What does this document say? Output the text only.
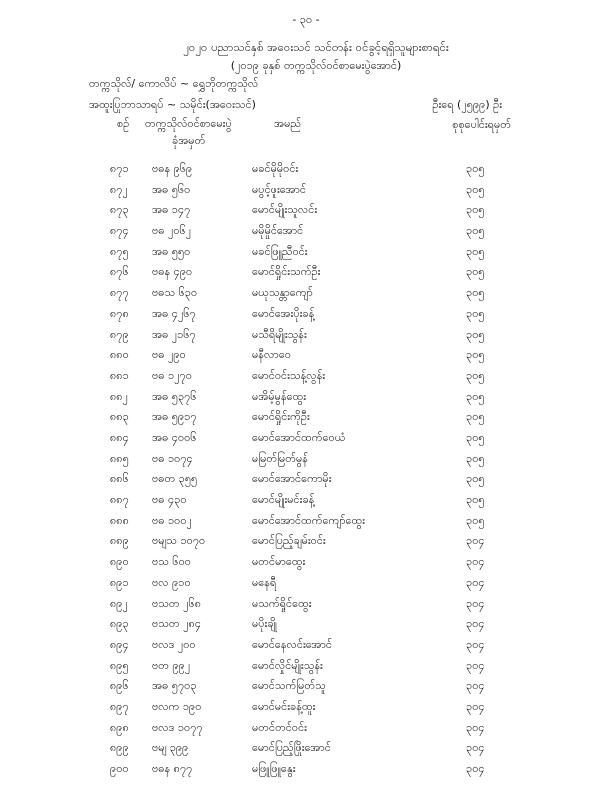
- ၃၀ -
၂၀၂၀ ပညာသင်နှစ် အဝေးသင် သင်တန်း ဝင်ခွင့်ရရှိသူများစာရင်း
(၂၀၁၉ ခုနှစ် တက္ကသိုလ်ဝင်စာမေးပွဲအောင်)
တက္ကသိုလ်/ ကောလိပ် ~ ရွှေဘိုတက္ကသိုလ်
အထူးပြုဘာသာရပ် ~ သမိုင်း(အဝေးသင်)	ဦးရေ (၂၅၉၉) ဦး
စဉ် တက္ကသိုလ်ဝင်စာမေးပွဲ
ခုံအမှတ်
အမည်	စုစုပေါင်းရမှတ်
၈၇၁ ဗဓန ၉၆၉	မခင်မိုမိုဝင်း	၃၀၅
၈၇၂ အဓ ၅၆၀	မပွင့်ဖူးအောင်	၃၀၅
၈၇၃ အဓ ၁၄၇	မောင်မျိုးသူလင်း	၃၀၅
၈၇၄ ဗဓ ၂၀၆၂	မမိုမှိုင်အောင်	၃၀၅
၈၇၅ အဓ ၅၅၀	မခင်ဖြူညီဝင်း	၃၀၅
၈၇၆ ဗဓန ၄၉၀	မောင်ရှိုင်းသက်ဦး	၃၀၅
၈၇၇ ဗဓသ ၆၃၀	မယုသန္တာကျော်	၃၀၅
၈၇၈ အဓ ၄၂၆၇	မောင်အေးပိုးခန့်	၃၀၅
၈၇၉ အဓ ၂၁၆၇	မသီရိမျိုးသွန်း	၃၀၅
၈၈၀ ဗဓ ၂၉၀	မနီလာဝေ	၃၀၅
၈၈၁ ဗဓ ၁၂၇၀	မောင်ဝင်းသန့်လွန်း	၃၀၅
၈၈၂ အဓ ၅၃၇၆	မအိမ့်မွန်ထွေး	၃၀၅
၈၈၃ အဓ ၅၉၁၇	မောင်ရှိုင်းကိုဦး	၃၀၅
၈၈၄ အဓ ၄၀၀၆	မောင်အောင်ထက်ဝေယံ	၃၀၅
၈၈၅ ဗဓ ၁၀၇၄	မမြတ်မြတ်မွန်	၃၀၅
၈၈၆ ဗဓတ ၃၅၅	မောင်အောင်ကောမိုး	၃၀၅
၈၈၇ ဗဓ ၄၃၀	မောင်မျိုးမင်းခန့်	၃၀၅
၈၈၈ ဗဓ ၁၀၀၂	မောင်အောင်ထက်ကျော်ထွေး	၃၀၅
၈၈၉ ဗမျသ ၁၀၇၀	မောင်ပြည့်ချမ်းဝင်း	၃၀၄
၈၉၀ ဗသ ၆၀၀	မတင်မာထွေး	၃၀၄
၈၉၁ ဗလ ၉၁၀	မနေရီ	၃၀၄
၈၉၂ ဗသတ ၂၆၈	မသက်ရှိုင်ထွေး	၃၀၄
၈၉၃ ဗသတ ၂၈၄	မပိုးချို	၃၀၄
၈၉၄ ဗလဒ ၂၀၀	မောင်နေလင်းအောင်	၃၀၄
၈၉၅ ဗတ ၉၉၂	မောင်လှိုင်မျိုးသွန်း	၃၀၄
၈၉၆ အဓ ၅၇၀၃	မောင်သက်မြတ်သူ	၃၀၄
၈၉၇ ဗလက ၁၉၀	မောင်မင်းခန့်ထူး	၃၀၄
၈၉၈ ဗလဒ ၁၀၇၇	မတင်တင်ဝင်း	၃၀၄
၈၉၉ ဗမျ ၃၉၉	မောင်ပြည့်ဖြိုးအောင်	၃၀၄
၉၀၀ ဗဓန ၈၇၇	မဖြူဖြူနွေး	၃၀၄
